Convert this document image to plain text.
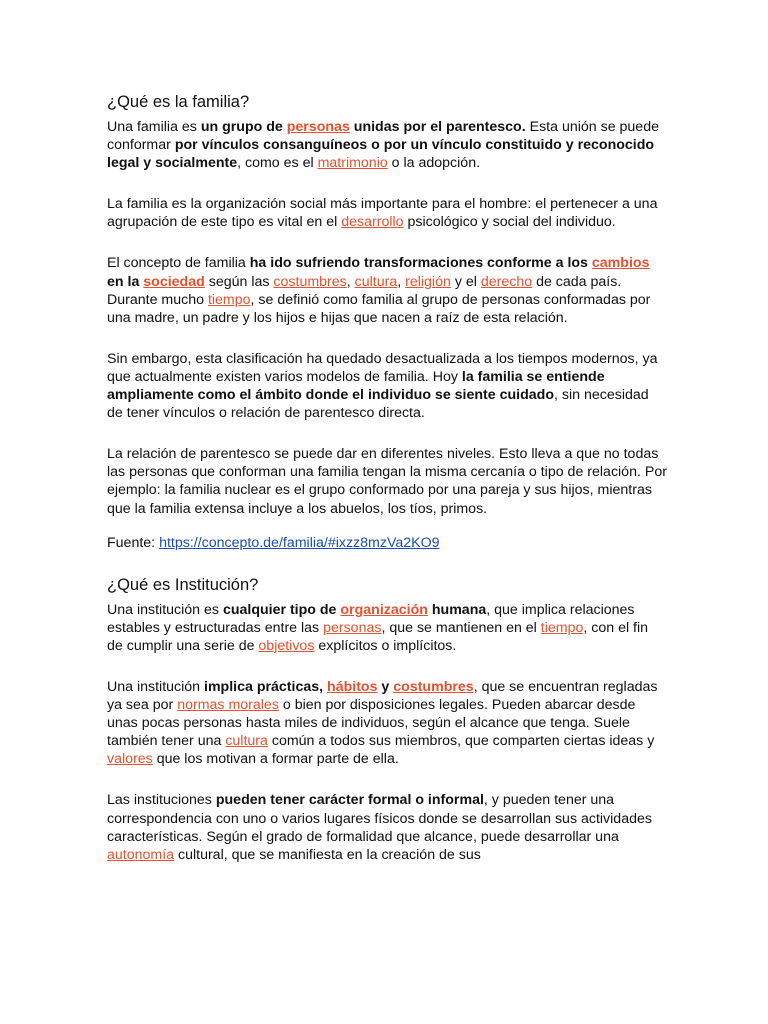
¿Qué es la familia?

Una familia es un grupo de personas unidas por el parentesco. Esta unión se puede conformar por vínculos consanguíneos o por un vínculo constituido y reconocido legal y socialmente, como es el matrimonio o la adopción.

La familia es la organización social más importante para el hombre: el pertenecer a una agrupación de este tipo es vital en el desarrollo psicológico y social del individuo.

El concepto de familia ha ido sufriendo transformaciones conforme a los cambios en la sociedad según las costumbres, cultura, religión y el derecho de cada país. Durante mucho tiempo, se definió como familia al grupo de personas conformadas por una madre, un padre y los hijos e hijas que nacen a raíz de esta relación.

Sin embargo, esta clasificación ha quedado desactualizada a los tiempos modernos, ya que actualmente existen varios modelos de familia. Hoy la familia se entiende ampliamente como el ámbito donde el individuo se siente cuidado, sin necesidad de tener vínculos o relación de parentesco directa.

La relación de parentesco se puede dar en diferentes niveles. Esto lleva a que no todas las personas que conforman una familia tengan la misma cercanía o tipo de relación. Por ejemplo: la familia nuclear es el grupo conformado por una pareja y sus hijos, mientras que la familia extensa incluye a los abuelos, los tíos, primos.

Fuente: https://concepto.de/familia/#ixzz8mzVa2KO9

¿Qué es Institución?

Una institución es cualquier tipo de organización humana, que implica relaciones estables y estructuradas entre las personas, que se mantienen en el tiempo, con el fin de cumplir una serie de objetivos explícitos o implícitos.

Una institución implica prácticas, hábitos y costumbres, que se encuentran regladas ya sea por normas morales o bien por disposiciones legales. Pueden abarcar desde unas pocas personas hasta miles de individuos, según el alcance que tenga. Suele también tener una cultura común a todos sus miembros, que comparten ciertas ideas y valores que los motivan a formar parte de ella.

Las instituciones pueden tener carácter formal o informal, y pueden tener una correspondencia con uno o varios lugares físicos donde se desarrollan sus actividades características. Según el grado de formalidad que alcance, puede desarrollar una autonomía cultural, que se manifiesta en la creación de sus
